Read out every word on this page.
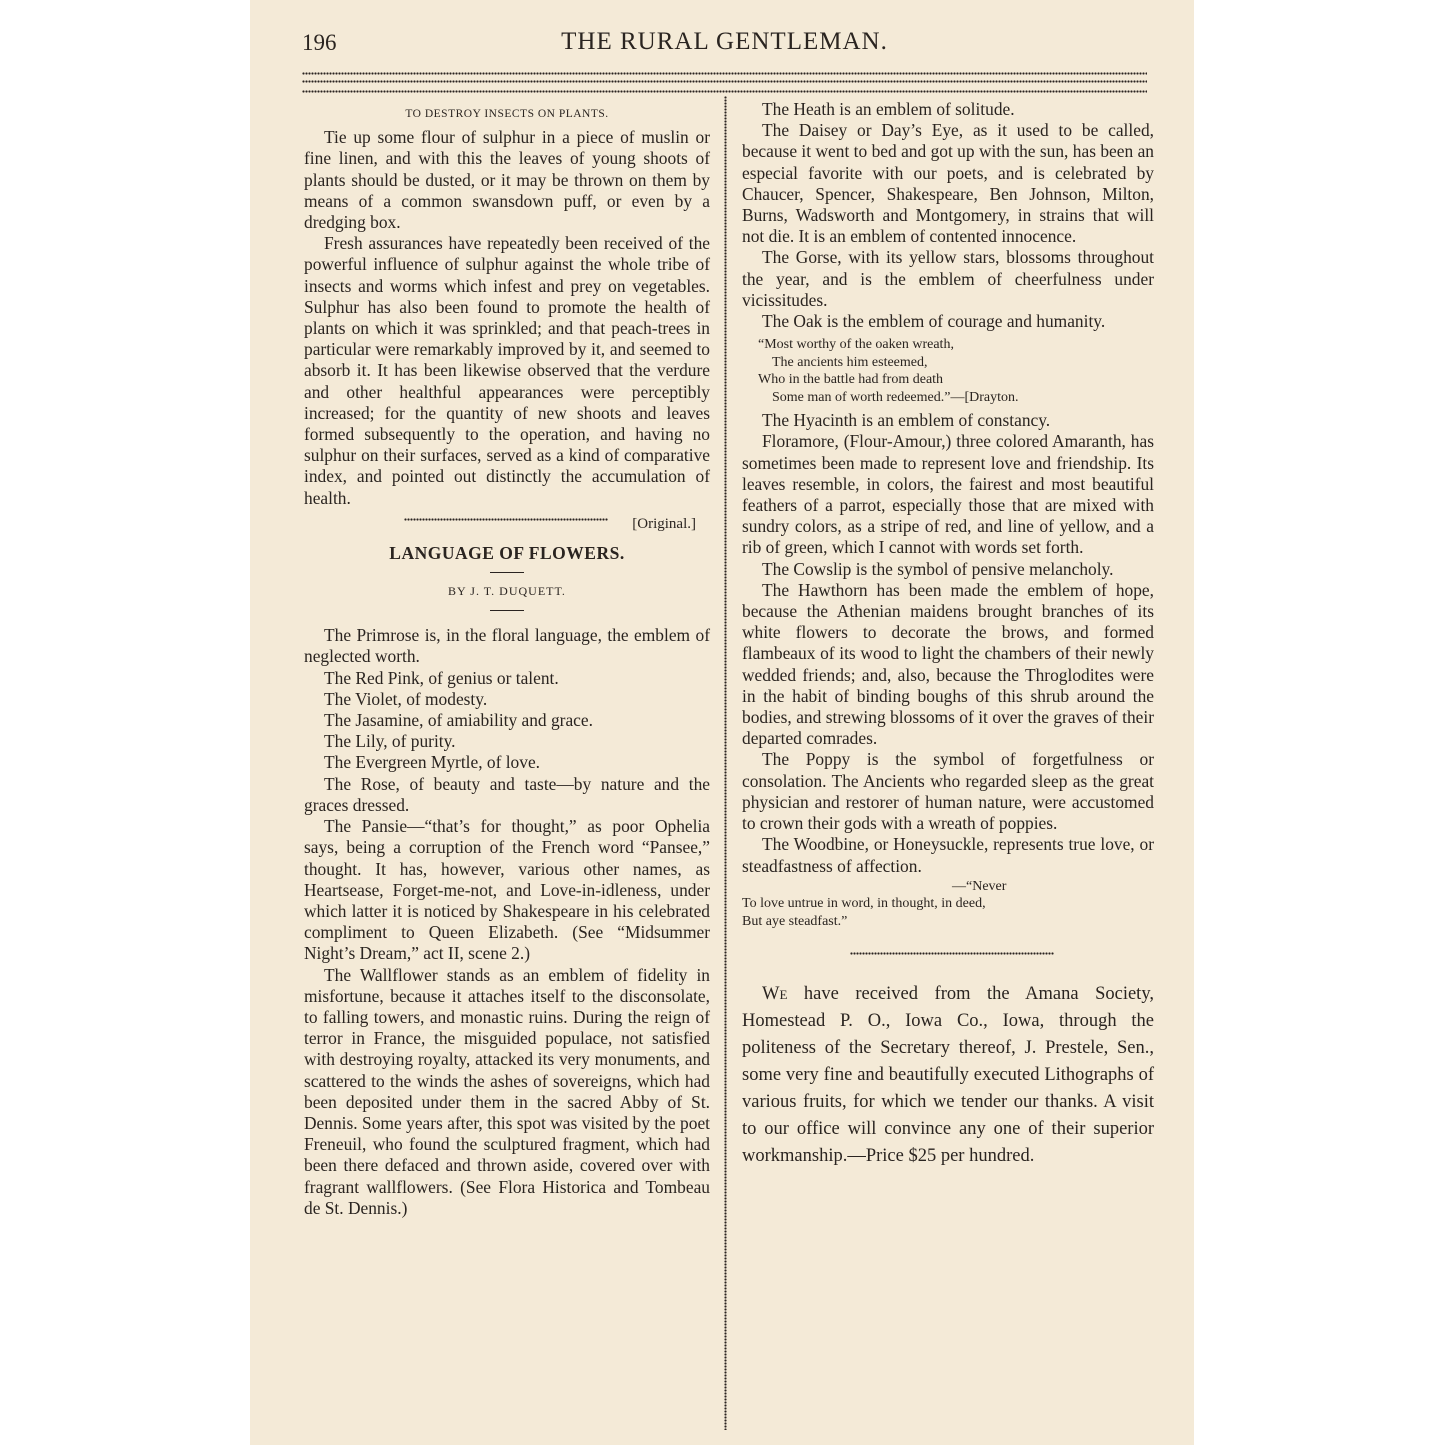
196	THE RURAL GENTLEMAN.
TO DESTROY INSECTS ON PLANTS.

Tie up some flour of sulphur in a piece of muslin or fine linen, and with this the leaves of young shoots of plants should be dusted, or it may be thrown on them by means of a common swansdown puff, or even by a dredging box.

Fresh assurances have repeatedly been received of the powerful influence of sulphur against the whole tribe of insects and worms which infest and prey on vegetables. Sulphur has also been found to promote the health of plants on which it was sprinkled; and that peach-trees in particular were remarkably improved by it, and seemed to absorb it. It has been likewise observed that the verdure and other healthful appearances were perceptibly increased; for the quantity of new shoots and leaves formed subsequently to the operation, and having no sulphur on their surfaces, served as a kind of comparative index, and pointed out distinctly the accumulation of health.

[Original.]
LANGUAGE OF FLOWERS.
BY J. T. DUQUETT.

The Primrose is, in the floral language, the emblem of neglected worth.

The Red Pink, of genius or talent.

The Violet, of modesty.

The Jasamine, of amiability and grace.

The Lily, of purity.

The Evergreen Myrtle, of love.

The Rose, of beauty and taste—by nature and the graces dressed.

The Pansie—“that’s for thought,” as poor Ophelia says, being a corruption of the French word “Pansee,” thought. It has, however, various other names, as Heartsease, Forget-me-not, and Love-in-idleness, under which latter it is noticed by Shakespeare in his celebrated compliment to Queen Elizabeth. (See “Midsummer Night’s Dream,” act II, scene 2.)

The Wallflower stands as an emblem of fidelity in misfortune, because it attaches itself to the disconsolate, to falling towers, and monastic ruins. During the reign of terror in France, the misguided populace, not satisfied with destroying royalty, attacked its very monuments, and scattered to the winds the ashes of sovereigns, which had been deposited under them in the sacred Abby of St. Dennis. Some years after, this spot was visited by the poet Freneuil, who found the sculptured fragment, which had been there defaced and thrown aside, covered over with fragrant wallflowers. (See Flora Historica and Tombeau de St. Dennis.)

The Heath is an emblem of solitude.

The Daisey or Day’s Eye, as it used to be called, because it went to bed and got up with the sun, has been an especial favorite with our poets, and is celebrated by Chaucer, Spencer, Shakespeare, Ben Johnson, Milton, Burns, Wadsworth and Montgomery, in strains that will not die. It is an emblem of contented innocence.

The Gorse, with its yellow stars, blossoms throughout the year, and is the emblem of cheerfulness under vicissitudes.

The Oak is the emblem of courage and humanity.

“Most worthy of the oaken wreath,
The ancients him esteemed,
Who in the battle had from death
Some man of worth redeemed.”—[Drayton.

The Hyacinth is an emblem of constancy.

Floramore, (Flour-Amour,) three colored Amaranth, has sometimes been made to represent love and friendship. Its leaves resemble, in colors, the fairest and most beautiful feathers of a parrot, especially those that are mixed with sundry colors, as a stripe of red, and line of yellow, and a rib of green, which I cannot with words set forth.

The Cowslip is the symbol of pensive melancholy.

The Hawthorn has been made the emblem of hope, because the Athenian maidens brought branches of its white flowers to decorate the brows, and formed flambeaux of its wood to light the chambers of their newly wedded friends; and, also, because the Throglodites were in the habit of binding boughs of this shrub around the bodies, and strewing blossoms of it over the graves of their departed comrades.

The Poppy is the symbol of forgetfulness or consolation. The Ancients who regarded sleep as the great physician and restorer of human nature, were accustomed to crown their gods with a wreath of poppies.

The Woodbine, or Honeysuckle, represents true love, or steadfastness of affection.

—“Never
To love untrue in word, in thought, in deed,
But aye steadfast.”

We have received from the Amana Society, Homestead P. O., Iowa Co., Iowa, through the politeness of the Secretary thereof, J. Prestele, Sen., some very fine and beautifully executed Lithographs of various fruits, for which we tender our thanks. A visit to our office will convince any one of their superior workmanship.—Price $25 per hundred.
